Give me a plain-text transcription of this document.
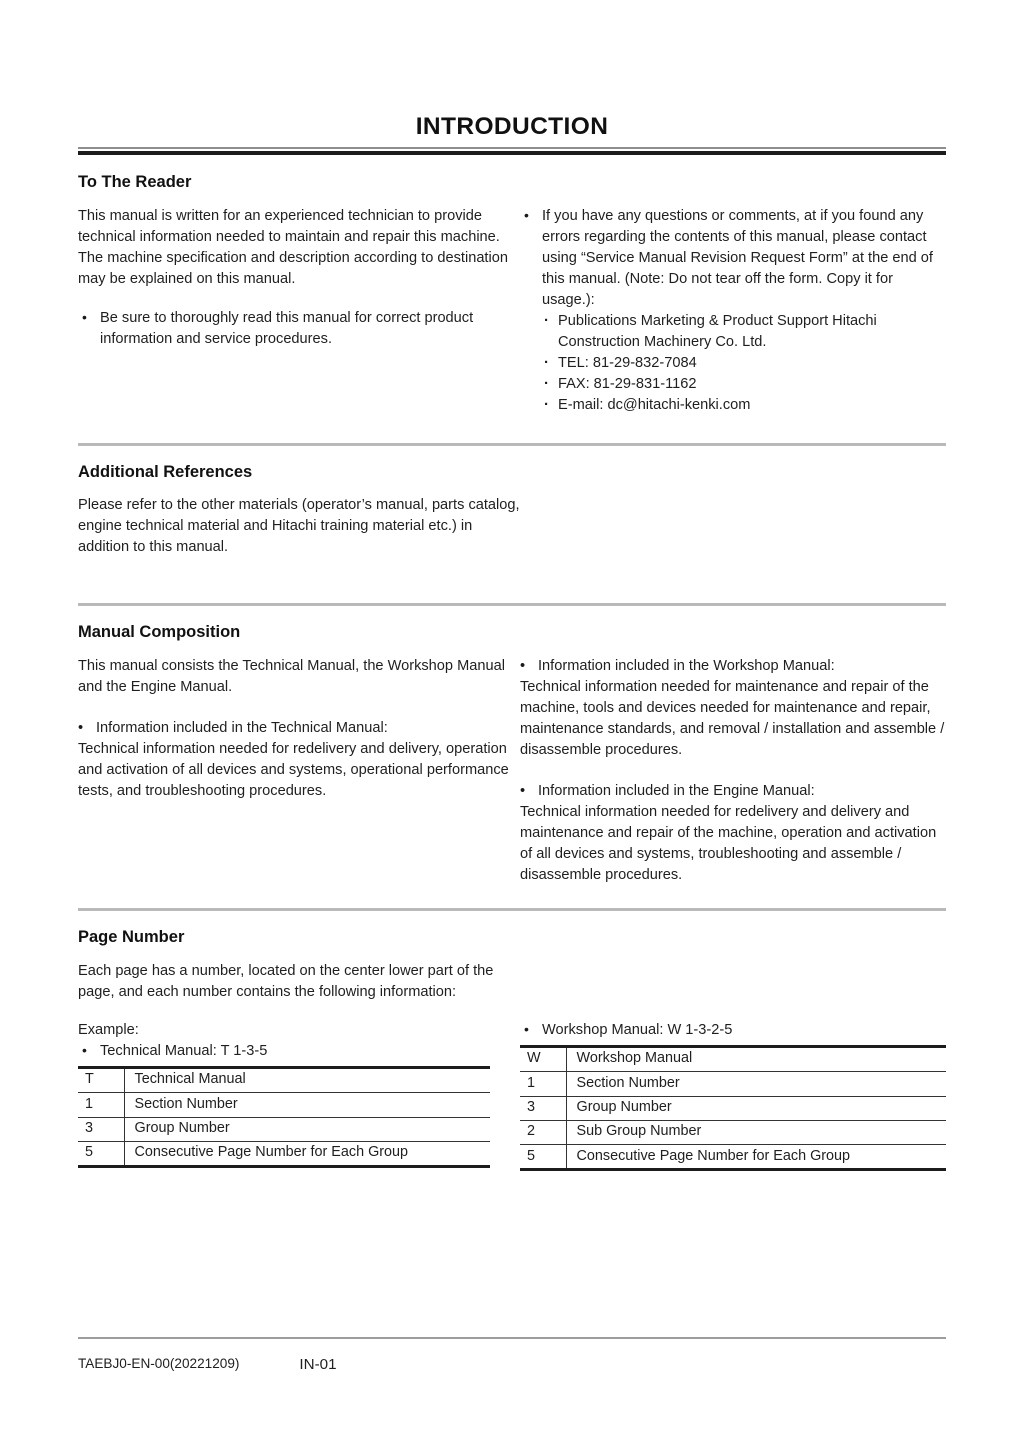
INTRODUCTION
To The Reader

This manual is written for an experienced technician to provide technical information needed to maintain and repair this machine.

The machine specification and description according to destination may be explained on this manual.

• Be sure to thoroughly read this manual for correct product information and service procedures.
• If you have any questions or comments, at if you found any errors regarding the contents of this manual, please contact using “Service Manual Revision Request Form” at the end of this manual. (Note: Do not tear off the form. Copy it for usage.):
· Publications Marketing & Product Support Hitachi Construction Machinery Co. Ltd.
· TEL: 81-29-832-7084
· FAX: 81-29-831-1162
· E-mail: dc@hitachi-kenki.com
Additional References

Please refer to the other materials (operator’s manual, parts catalog, engine technical material and Hitachi training material etc.) in addition to this manual.

Manual Composition

This manual consists the Technical Manual, the Workshop Manual and the Engine Manual.

• Information included in the Technical Manual:

Technical information needed for redelivery and delivery, operation and activation of all devices and systems, operational performance tests, and troubleshooting procedures.

• Information included in the Workshop Manual:

Technical information needed for maintenance and repair of the machine, tools and devices needed for maintenance and repair, maintenance standards, and removal / installation and assemble / disassemble procedures.

• Information included in the Engine Manual:

Technical information needed for redelivery and delivery and maintenance and repair of the machine, operation and activation of all devices and systems, troubleshooting and assemble / disassemble procedures.

Page Number

Each page has a number, located on the center lower part of the page, and each number contains the following information:

Example:

• Technical Manual: T 1-3-5
T	Technical Manual
1	Section Number
3	Group Number
5	Consecutive Page Number for Each Group
• Workshop Manual: W 1-3-2-5
W	Workshop Manual
1	Section Number
3	Group Number
2	Sub Group Number
5	Consecutive Page Number for Each Group
TAEBJ0-EN-00(20221209)	IN-01
